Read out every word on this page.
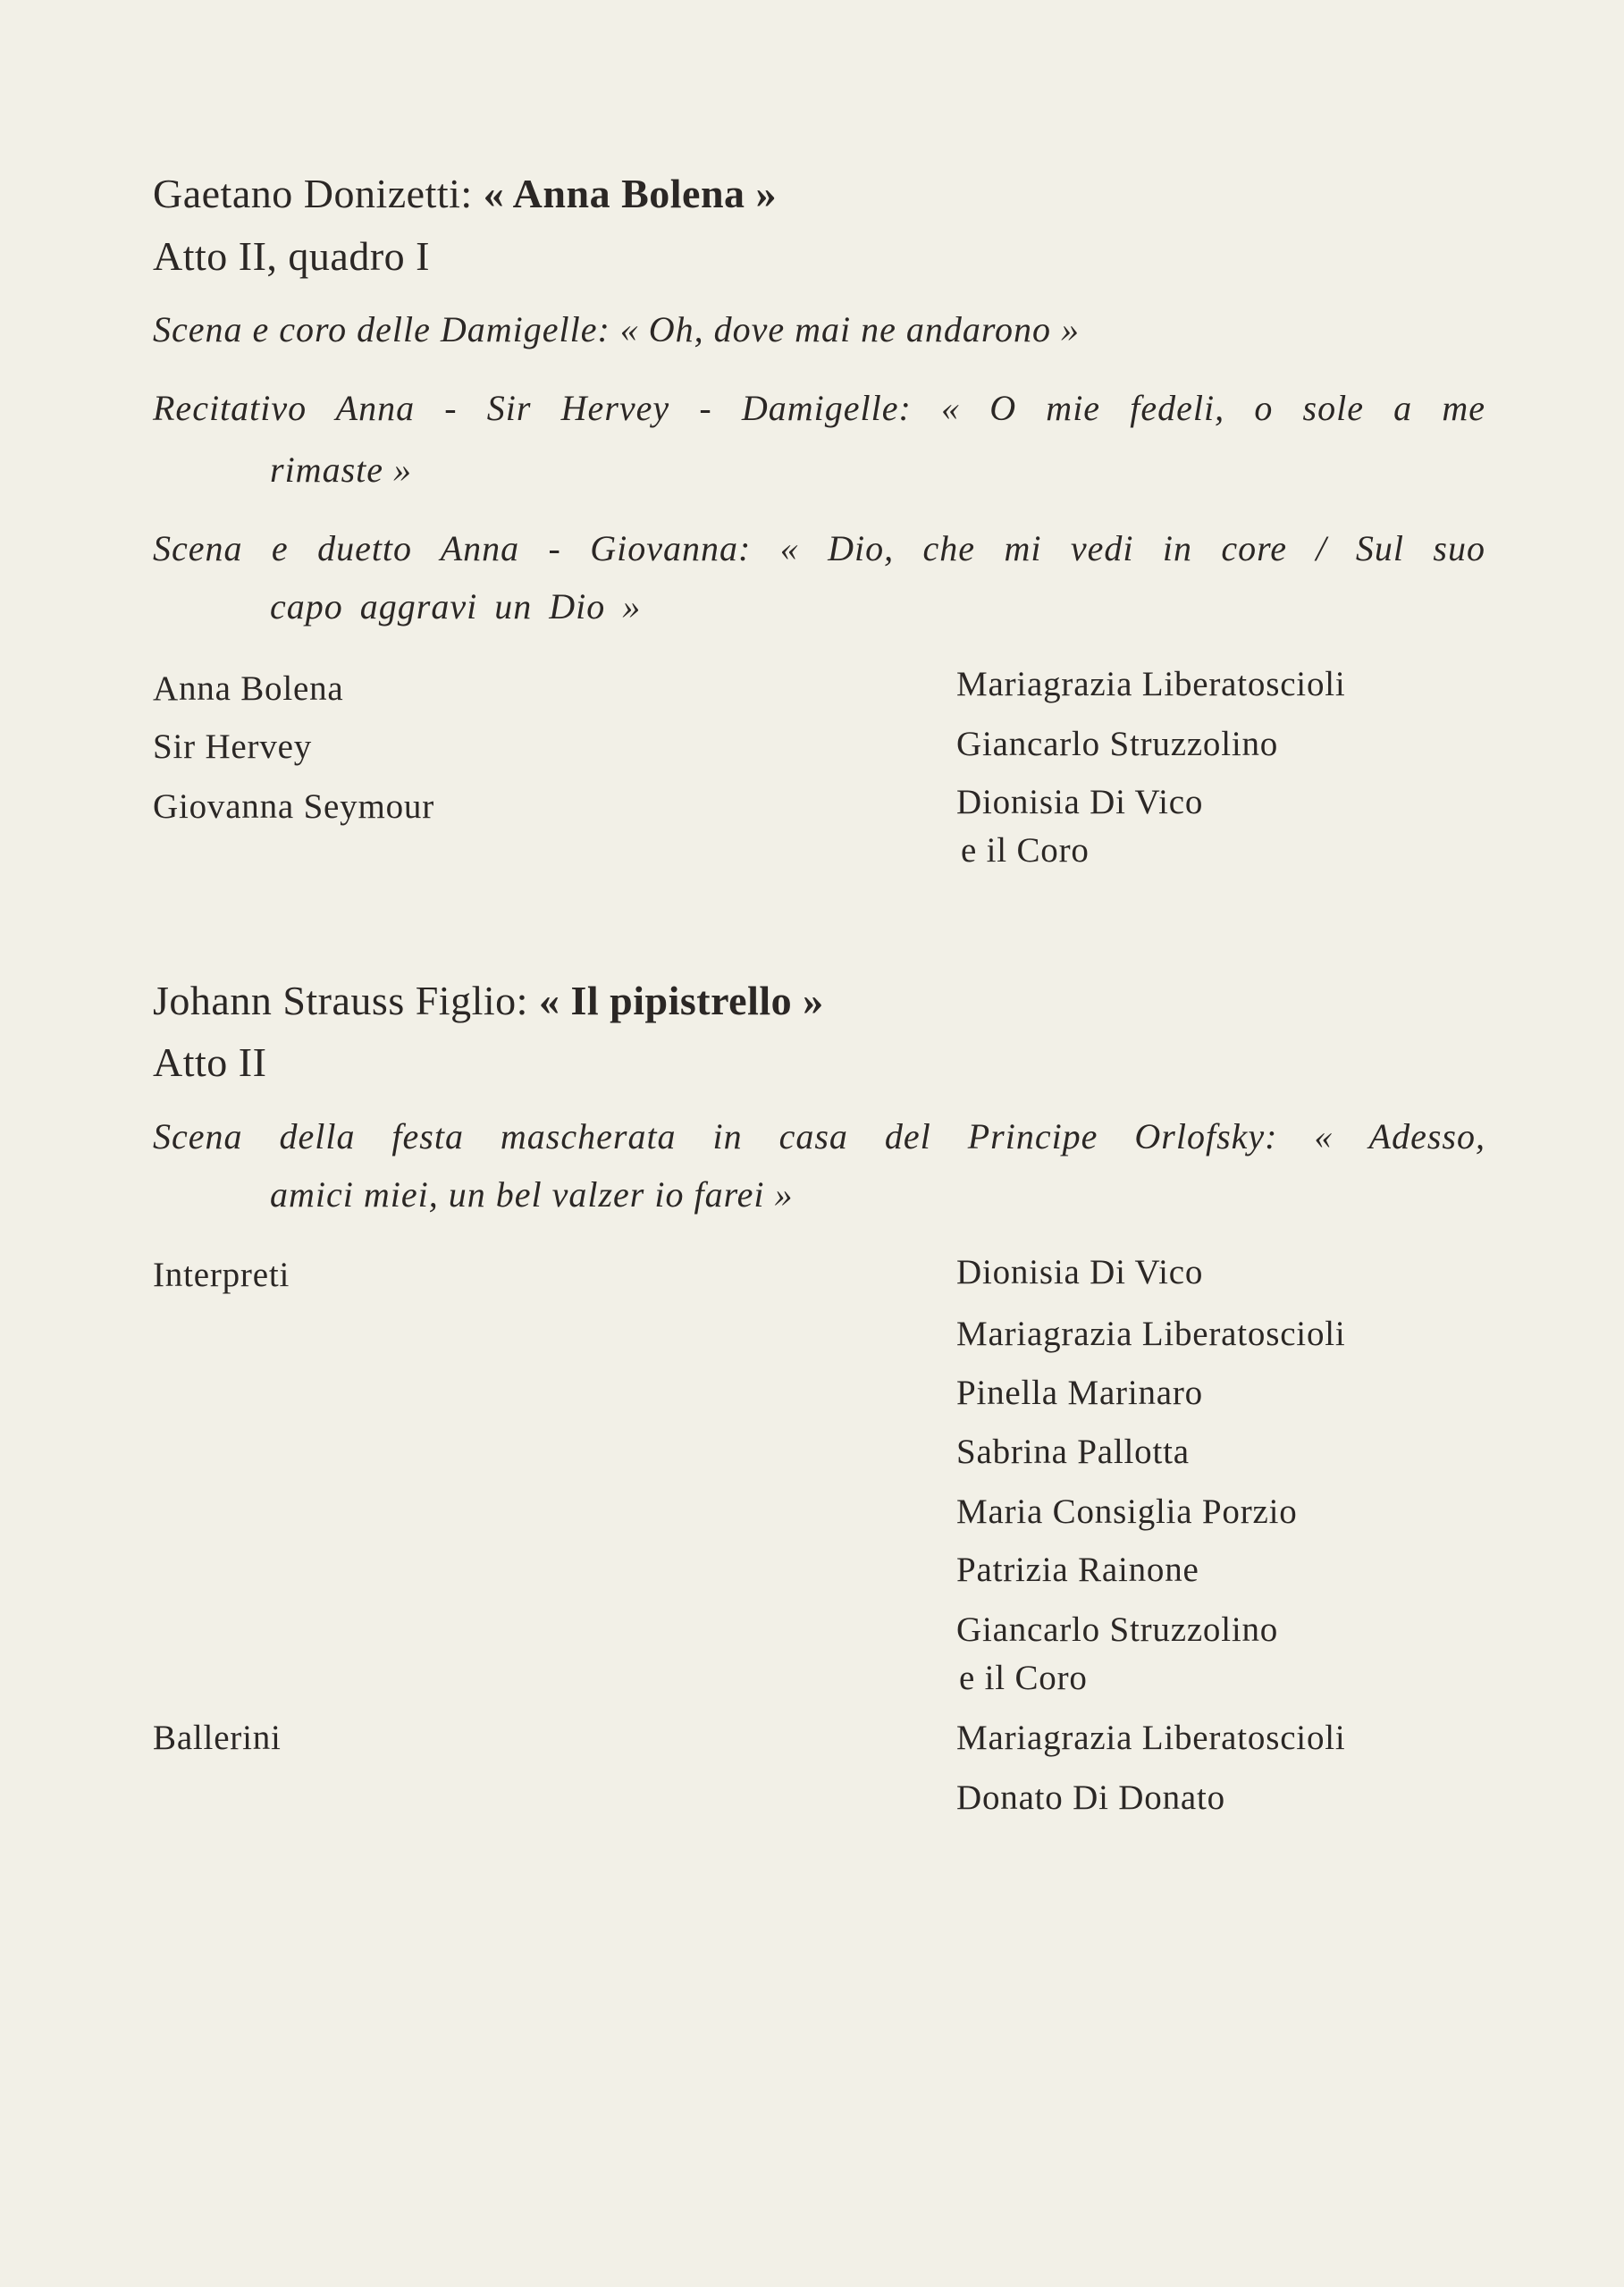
Gaetano Donizetti: « Anna Bolena »
Atto II, quadro I
Scena e coro delle Damigelle: « Oh, dove mai ne andarono »
Recitativo Anna - Sir Hervey - Damigelle: « O mie fedeli, o sole a me
rimaste »
Scena e duetto Anna - Giovanna: « Dio, che mi vedi in core / Sul suo
capo aggravi un Dio »
Anna Bolena	Mariagrazia Liberatoscioli
Sir Hervey	Giancarlo Struzzolino
Giovanna Seymour	Dionisia Di Vico
e il Coro
Johann Strauss Figlio: « Il pipistrello »
Atto II
Scena della festa mascherata in casa del Principe Orlofsky: « Adesso,
amici miei, un bel valzer io farei »
Interpreti	Dionisia Di Vico
Mariagrazia Liberatoscioli
Pinella Marinaro
Sabrina Pallotta
Maria Consiglia Porzio
Patrizia Rainone
Giancarlo Struzzolino
e il Coro
Ballerini	Mariagrazia Liberatoscioli
Donato Di Donato
